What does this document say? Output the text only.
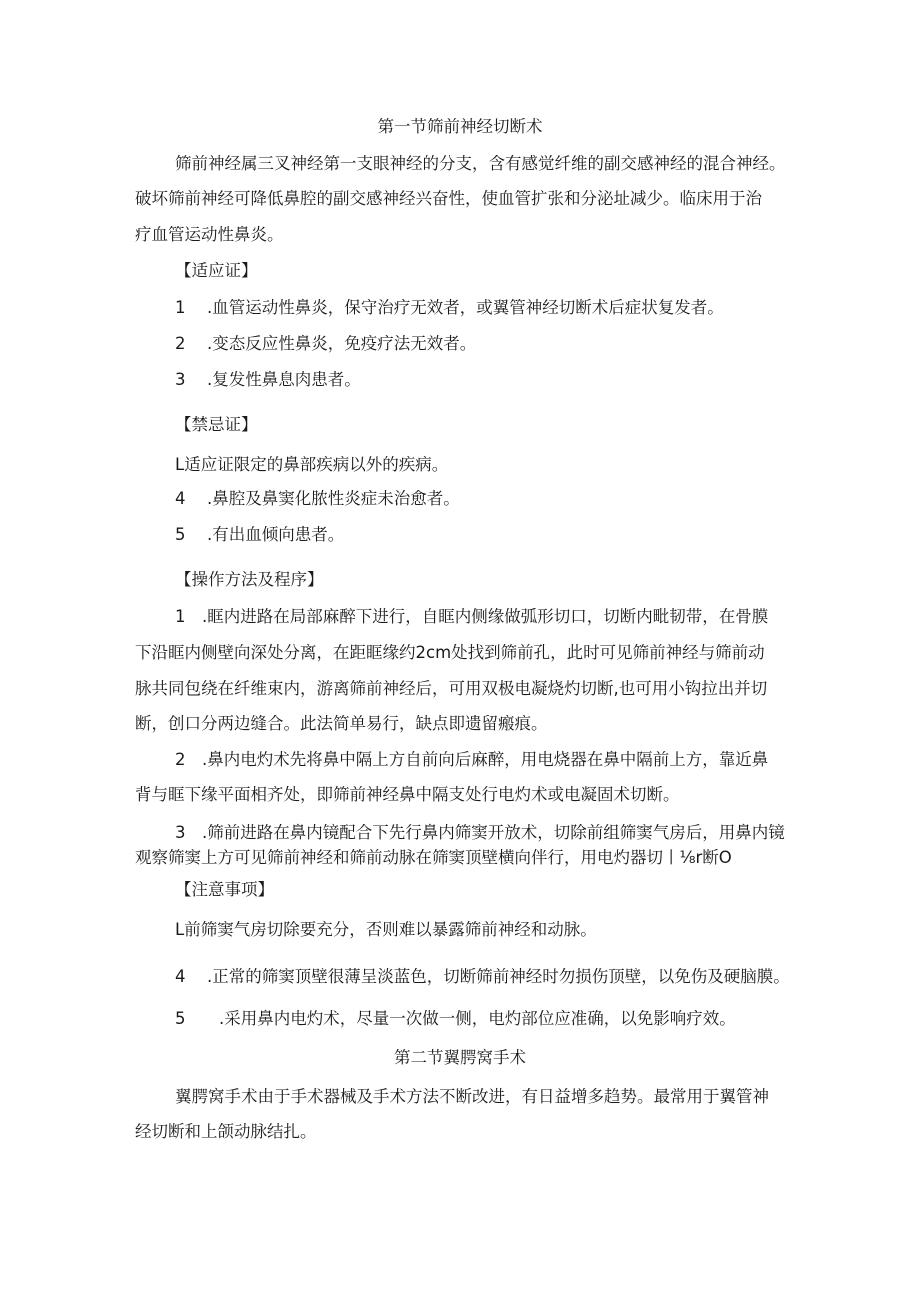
第一节筛前神经切断术

筛前神经属三叉神经第一支眼神经的分支，含有感觉纤维的副交感神经的混合神经。

破坏筛前神经可降低鼻腔的副交感神经兴奋性，使血管扩张和分泌址减少。临床用于治

疗血管运动性鼻炎。

【适应证】

1 .血管运动性鼻炎，保守治疗无效者，或翼管神经切断术后症状复发者。

2 .变态反应性鼻炎，免疫疗法无效者。

3 .复发性鼻息肉患者。

【禁忌证】

L适应证限定的鼻部疾病以外的疾病。

4 .鼻腔及鼻窦化脓性炎症未治愈者。

5 .有出血倾向患者。

【操作方法及程序】

1　.眶内进路在局部麻醉下进行，自眶内侧缘做弧形切口，切断内毗韧带，在骨膜

下沿眶内侧壁向深处分离，在距眶缘约2cm处找到筛前孔，此时可见筛前神经与筛前动

脉共同包绕在纤维束内，游离筛前神经后，可用双极电凝烧灼切断,也可用小钩拉出并切

断，创口分两边缝合。此法简单易行，缺点即遗留瘢痕。

2　.鼻内电灼术先将鼻中隔上方自前向后麻醉，用电烧器在鼻中隔前上方，靠近鼻

背与眶下缘平面相齐处，即筛前神经鼻中隔支处行电灼术或电凝固术切断。

3　.筛前进路在鼻内镜配合下先行鼻内筛窦开放术，切除前组筛窦气房后，用鼻内镜

观察筛窦上方可见筛前神经和筛前动脉在筛窦顶壁横向伴行，用电灼器切丨⅛r断O

【注意事项】

L前筛窦气房切除要充分，否则难以暴露筛前神经和动脉。

4 .正常的筛窦顶壁很薄呈淡蓝色，切断筛前神经时勿损伤顶壁，以免伤及硬脑膜。

5 .采用鼻内电灼术，尽量一次做一侧，电灼部位应准确，以免影响疗效。

第二节翼腭窝手术

翼腭窝手术由于手术器械及手术方法不断改进，有日益增多趋势。最常用于翼管神

经切断和上颌动脉结扎。
